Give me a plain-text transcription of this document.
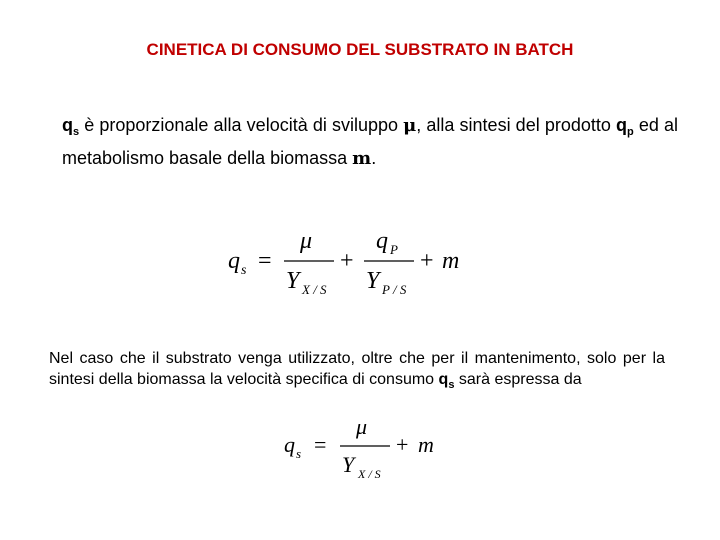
CINETICA DI CONSUMO DEL SUBSTRATO IN BATCH
$q_s$ è proporzionale alla velocità di sviluppo μ, alla sintesi del prodotto $q_p$ ed al metabolismo basale della biomassa m.
q s =
μ
Y X / S
+
q P
Y P / S
+ m
Nel caso che il substrato venga utilizzato, oltre che per il mantenimento, solo per la sintesi della biomassa la velocità specifica di consumo $q_s$ sarà espressa da
q s =
μ
Y X / S
+ m
